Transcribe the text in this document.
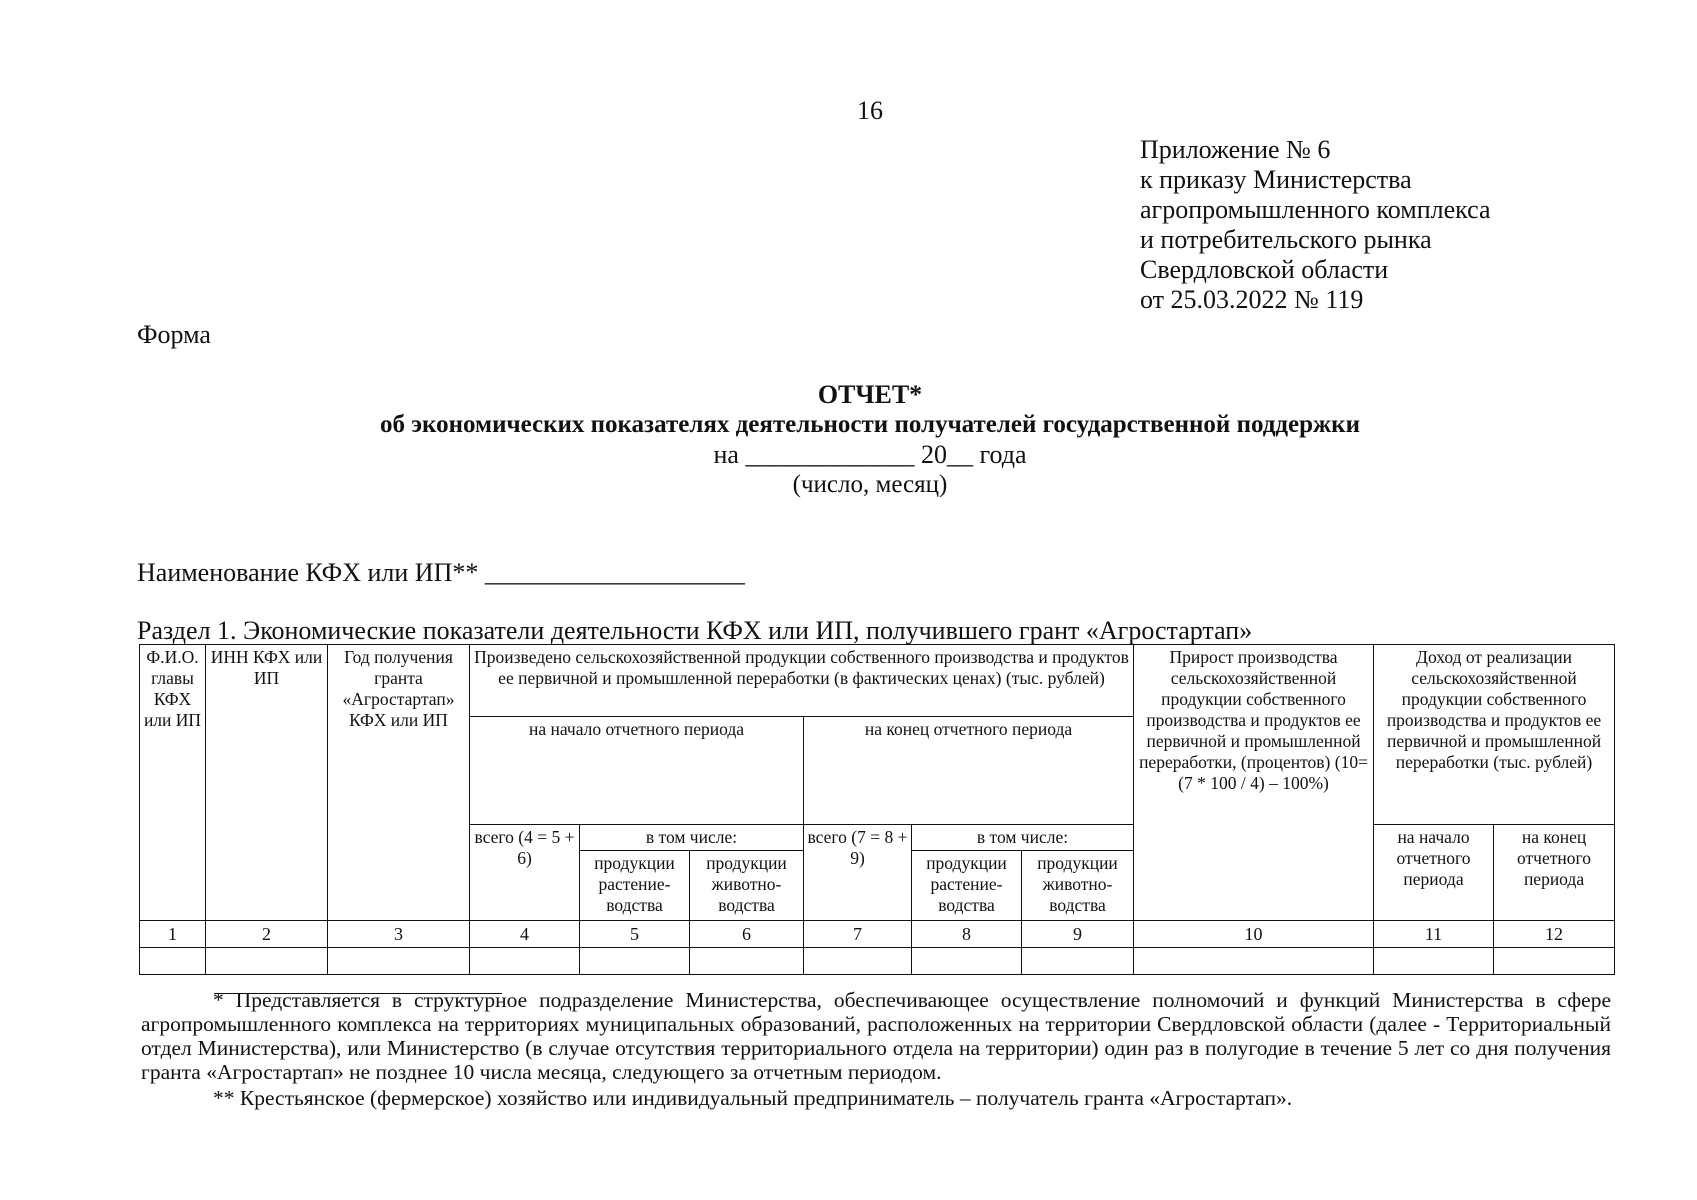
16
Приложение № 6
к приказу Министерства
агропромышленного комплекса
и потребительского рынка
Свердловской области
от 25.03.2022 № 119
Форма
ОТЧЕТ*
об экономических показателях деятельности получателей государственной поддержки
на _____________ 20__ года
(число, месяц)
Наименование КФХ или ИП** ____________________
Раздел 1. Экономические показатели деятельности КФХ или ИП, получившего грант «Агростартап»
Ф.И.О. главы КФХ или ИП	ИНН КФХ или ИП	Год получения гранта «Агростартап» КФХ или ИП	Произведено сельскохозяйственной продукции собственного производства и продуктов ее первичной и промышленной переработки (в фактических ценах) (тыс. рублей)						Прирост производства сельскохозяйственной продукции собственного производства и продуктов ее первичной и промышленной переработки, (процентов) (10= (7 * 100 / 4) – 100%)	Доход от реализации сельскохозяйственной продукции собственного производства и продуктов ее первичной и промышленной переработки (тыс. рублей)	
			на начало отчетного периода			на конец отчетного периода					
			всего (4 = 5 + 6)	в том числе:		всего (7 = 8 + 9)	в том числе:			на начало отчетного периода	на конец отчетного периода
				продукции растение-водства	продукции животно-водства		продукции растение-водства	продукции животно-водства			
1	2	3	4	5	6	7	8	9	10	11	12

* Представляется в структурное подразделение Министерства, обеспечивающее осуществление полномочий и функций Министерства в сфере агропромышленного комплекса на территориях муниципальных образований, расположенных на территории Свердловской области (далее - Территориальный отдел Министерства), или Министерство (в случае отсутствия территориального отдела на территории) один раз в полугодие в течение 5 лет со дня получения гранта «Агростартап» не позднее 10 числа месяца, следующего за отчетным периодом.
** Крестьянское (фермерское) хозяйство или индивидуальный предприниматель – получатель гранта «Агростартап».
